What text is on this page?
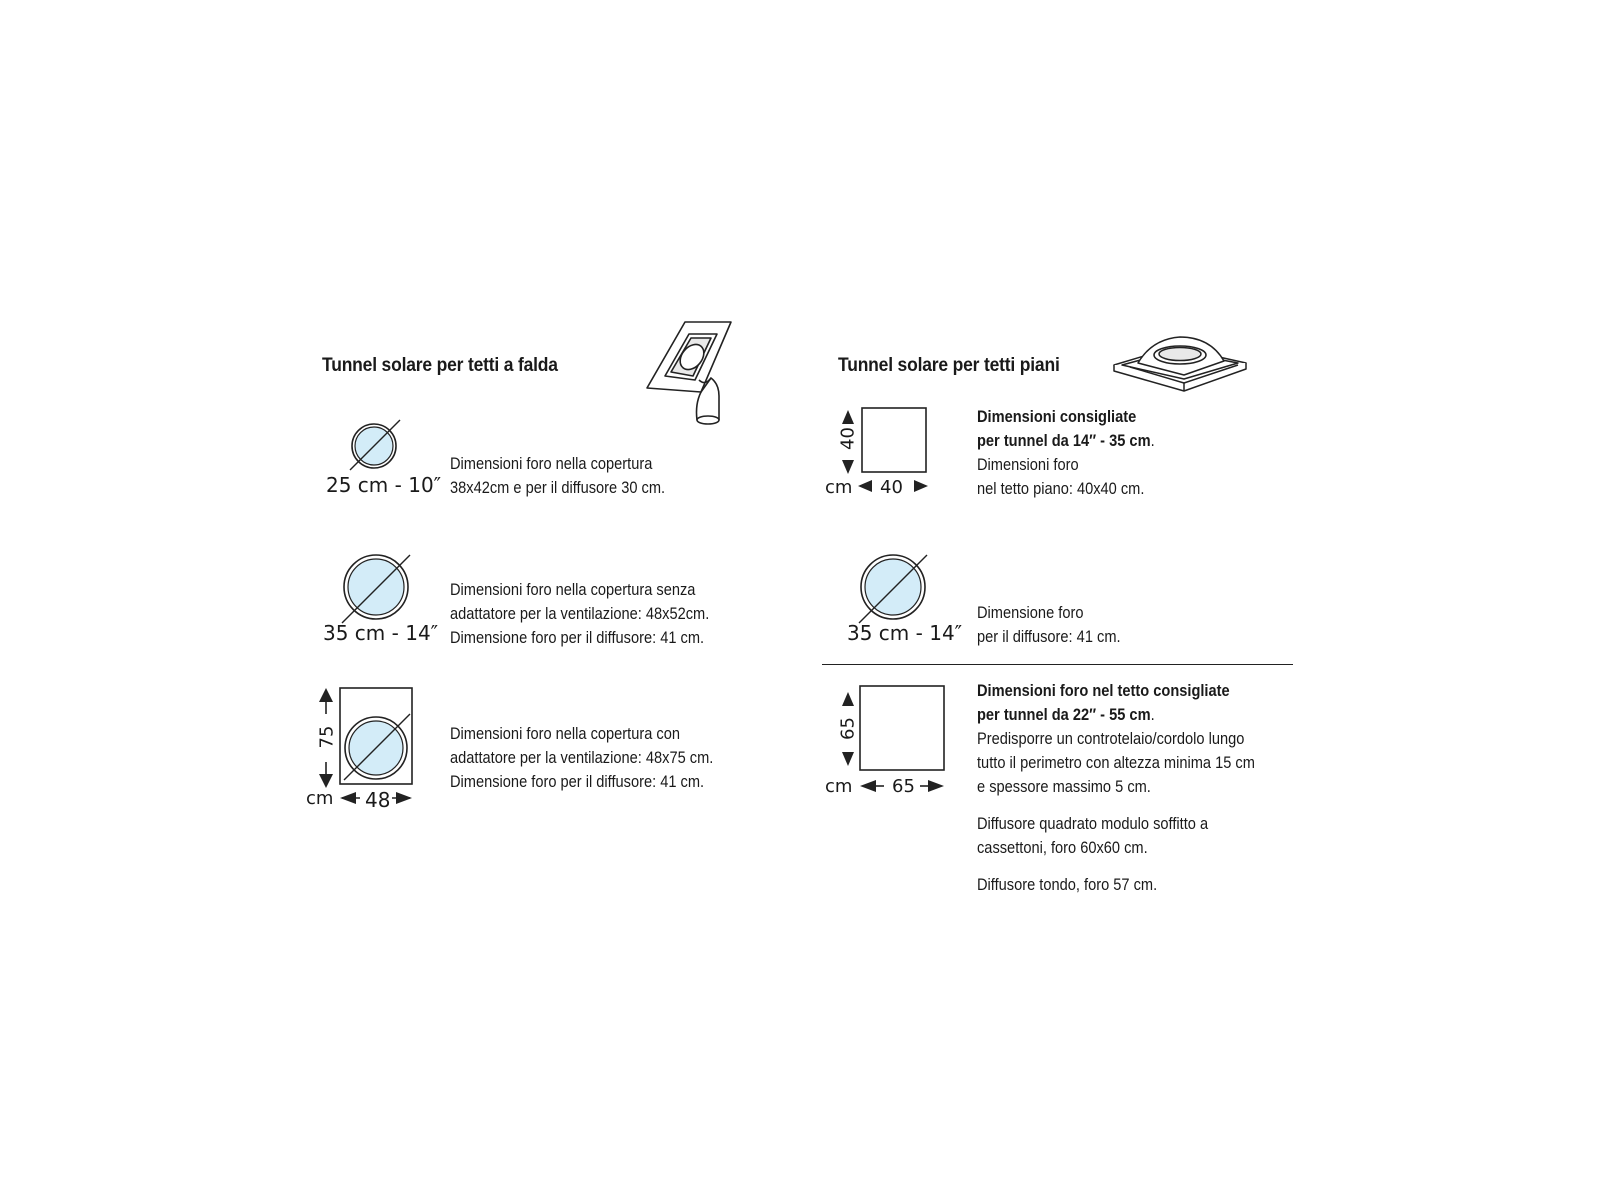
Tunnel solare per tetti a falda
25 cm - 10″
Dimensioni foro nella copertura
38x42cm e per il diffusore 30 cm.
35 cm - 14″
Dimensioni foro nella copertura senza
adattatore per la ventilazione: 48x52cm.
Dimensione foro per il diffusore: 41 cm.
75
48
cm
Dimensioni foro nella copertura con
adattatore per la ventilazione: 48x75 cm.
Dimensione foro per il diffusore: 41 cm.
Tunnel solare per tetti piani
40
40
cm
Dimensioni consigliate
per tunnel da 14″ - 35 cm.
Dimensioni foro
nel tetto piano: 40x40 cm.
35 cm - 14″
Dimensione foro
per il diffusore: 41 cm.
65
65
cm
Dimensioni foro nel tetto consigliate
per tunnel da 22″ - 55 cm.
Predisporre un controtelaio/cordolo lungo
tutto il perimetro con altezza minima 15 cm
e spessore massimo 5 cm.
Diffusore quadrato modulo soffitto a
cassettoni, foro 60x60 cm.
Diffusore tondo, foro 57 cm.
